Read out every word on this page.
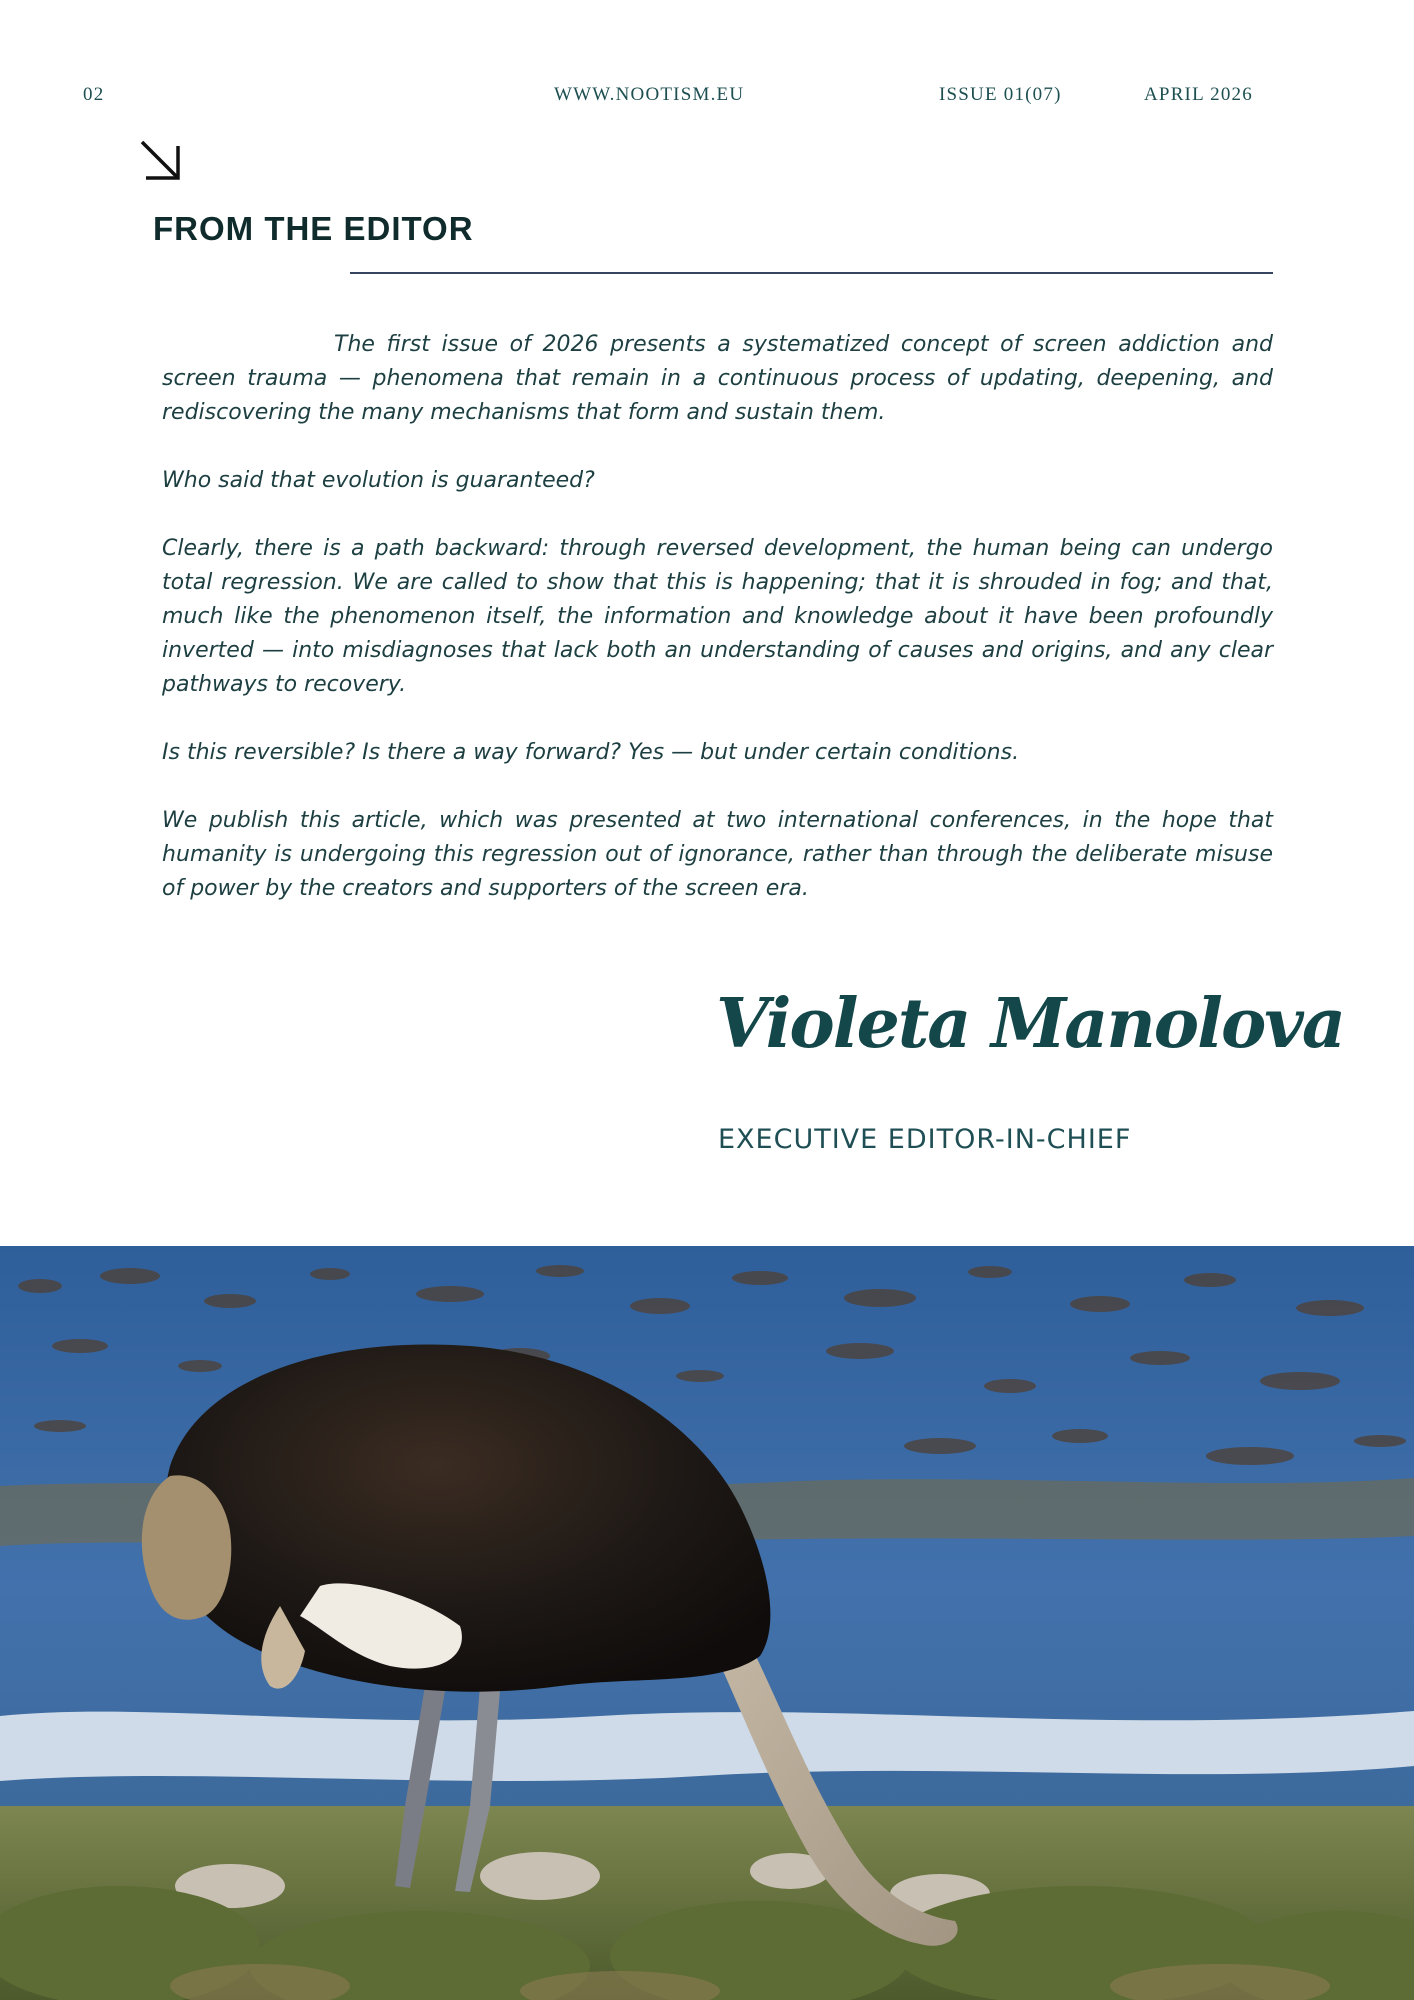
02	WWW.NOOTISM.EU	ISSUE 01(07)	APRIL 2026
FROM THE EDITOR

The first issue of 2026 presents a systematized concept of screen addiction and screen trauma — phenomena that remain in a continuous process of updating, deepening, and rediscovering the many mechanisms that form and sustain them.

Who said that evolution is guaranteed?

Clearly, there is a path backward: through reversed development, the human being can undergo total regression. We are called to show that this is happening; that it is shrouded in fog; and that, much like the phenomenon itself, the information and knowledge about it have been profoundly inverted — into misdiagnoses that lack both an understanding of causes and origins, and any clear pathways to recovery.

Is this reversible? Is there a way forward? Yes — but under certain conditions.

We publish this article, which was presented at two international conferences, in the hope that humanity is undergoing this regression out of ignorance, rather than through the deliberate misuse of power by the creators and supporters of the screen era.

Violeta Manolova
EXECUTIVE EDITOR-IN-CHIEF
